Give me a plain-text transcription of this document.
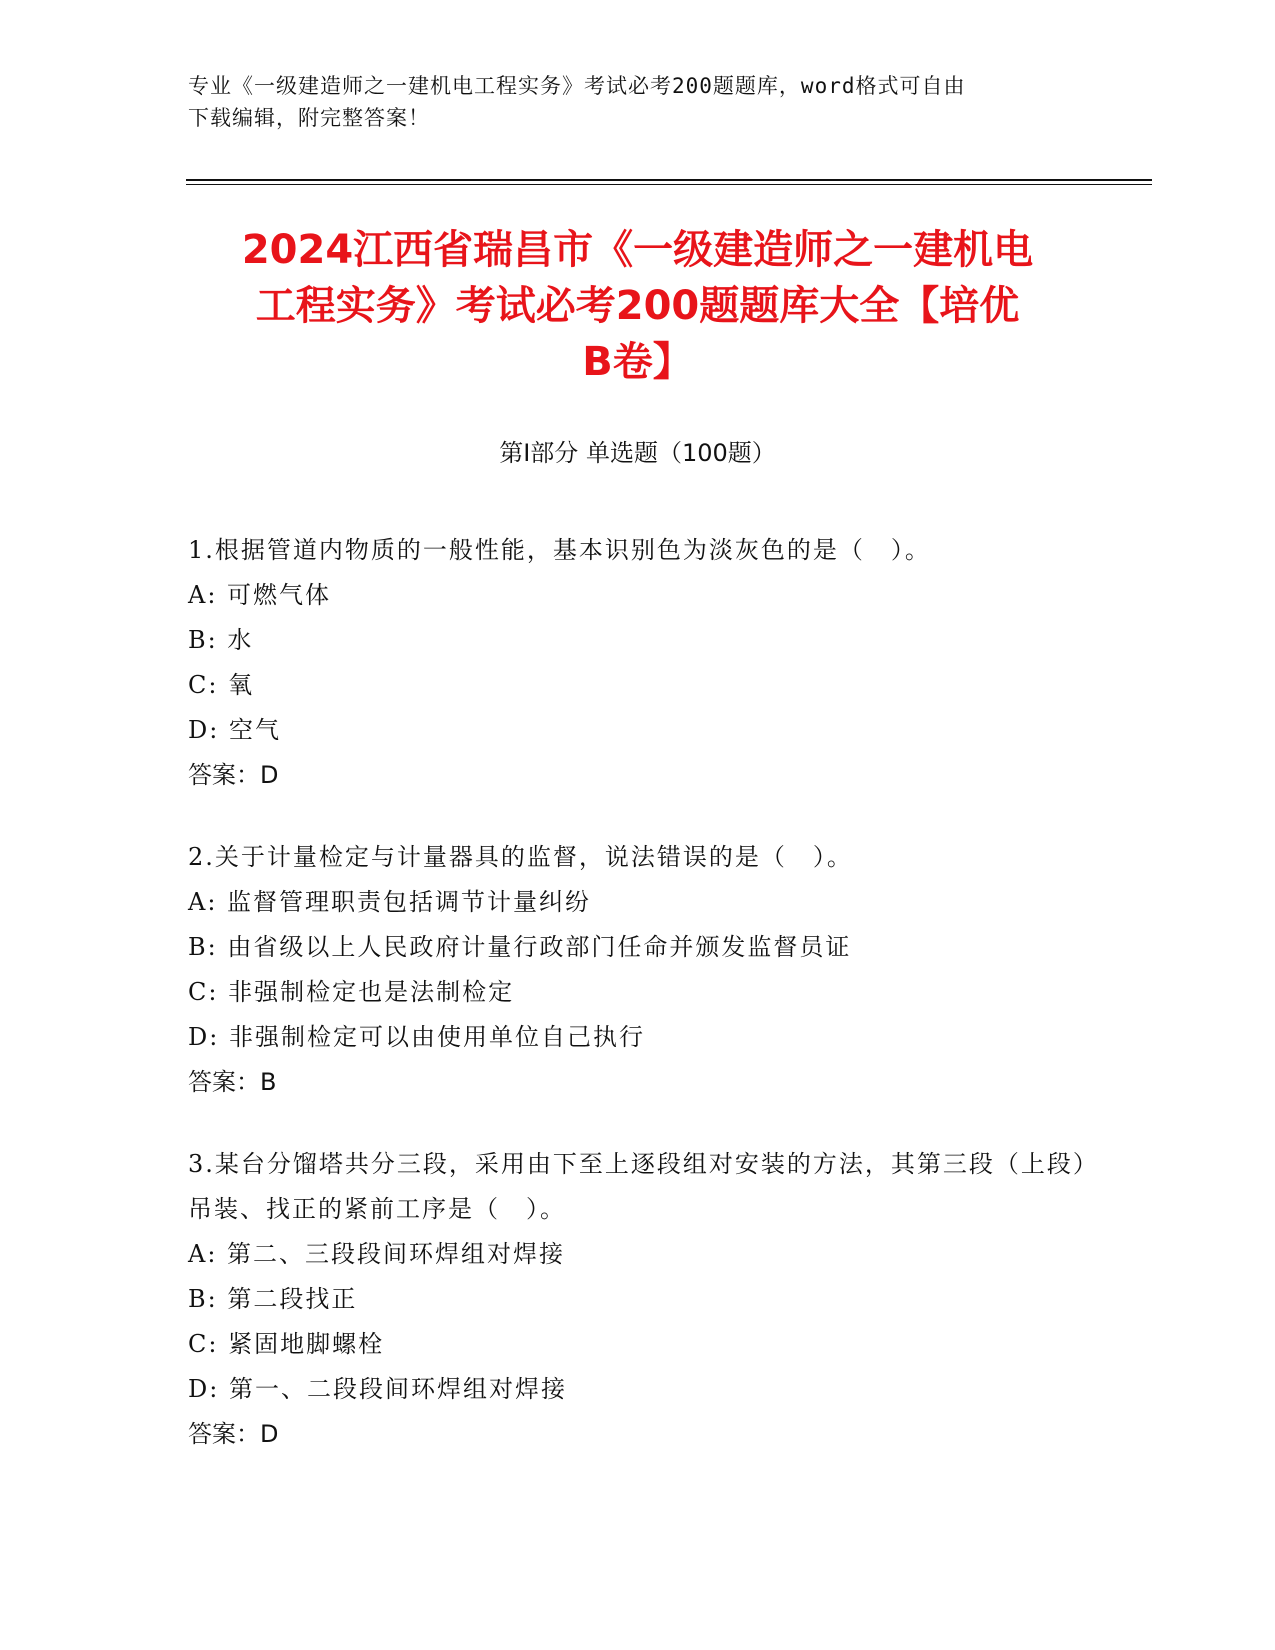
专业《一级建造师之一建机电工程实务》考试必考200题题库，word格式可自由
下载编辑，附完整答案！
2024江西省瑞昌市《一级建造师之一建机电
工程实务》考试必考200题题库大全【培优
B卷】
第Ⅰ部分 单选题（100题）
1.根据管道内物质的一般性能，基本识别色为淡灰色的是（　）。
A: 可燃气体
B: 水
C: 氧
D: 空气
答案：D
2.关于计量检定与计量器具的监督，说法错误的是（　）。
A: 监督管理职责包括调节计量纠纷
B: 由省级以上人民政府计量行政部门任命并颁发监督员证
C: 非强制检定也是法制检定
D: 非强制检定可以由使用单位自己执行
答案：B
3.某台分馏塔共分三段，采用由下至上逐段组对安装的方法，其第三段（上段）吊装、找正的紧前工序是（　）。
A: 第二、三段段间环焊组对焊接
B: 第二段找正
C: 紧固地脚螺栓
D: 第一、二段段间环焊组对焊接
答案：D
